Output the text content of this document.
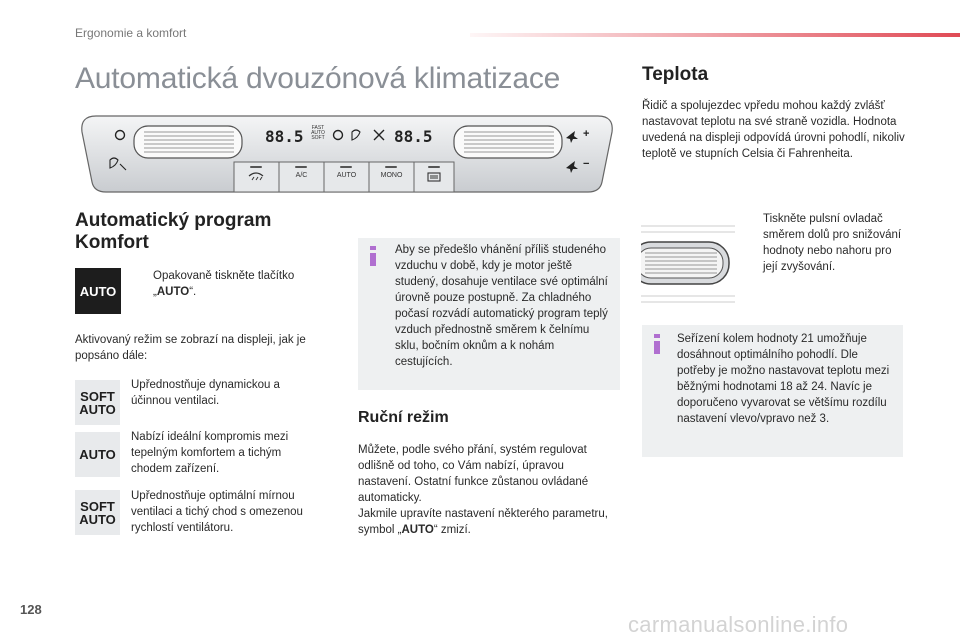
Ergonomie a komfort
Automatická dvouzónová klimatizace
88.5	88.5
FAST
AUTO
SOFT	+
−
A/C	AUTO	MONO
Automatický program Komfort
AUTO
Opakovaně tiskněte tlačítko „AUTO“.
Aktivovaný režim se zobrazí na displeji, jak je popsáno dále:
SOFT
AUTO
Upřednostňuje dynamickou a účinnou ventilaci.
AUTO
Nabízí ideální kompromis mezi tepelným komfortem a tichým chodem zařízení.
SOFT
AUTO
Upřednostňuje optimální mírnou ventilaci a tichý chod s omezenou rychlostí ventilátoru.
Aby se předešlo vhánění příliš studeného vzduchu v době, kdy je motor ještě studený, dosahuje ventilace své optimální úrovně pouze postupně. Za chladného počasí rozvádí automatický program teplý vzduch přednostně směrem k čelnímu sklu, bočním oknům a k nohám cestujících.
Ruční režim
Můžete, podle svého přání, systém regulovat odlišně od toho, co Vám nabízí, úpravou nastavení. Ostatní funkce zůstanou ovládané automaticky.
Jakmile upravíte nastavení některého parametru, symbol „AUTO“ zmizí.
Teplota
Řidič a spolujezdec vpředu mohou každý zvlášť nastavovat teplotu na své straně vozidla. Hodnota uvedená na displeji odpovídá úrovni pohodlí, nikoliv teplotě ve stupních Celsia či Fahrenheita.
Tiskněte pulsní ovladač směrem dolů pro snižování hodnoty nebo nahoru pro její zvyšování.
Seřízení kolem hodnoty 21 umožňuje dosáhnout optimálního pohodlí. Dle potřeby je možno nastavovat teplotu mezi běžnými hodnotami 18 až 24. Navíc je doporučeno vyvarovat se většímu rozdílu nastavení vlevo/vpravo než 3.
128
carmanualsonline.info
